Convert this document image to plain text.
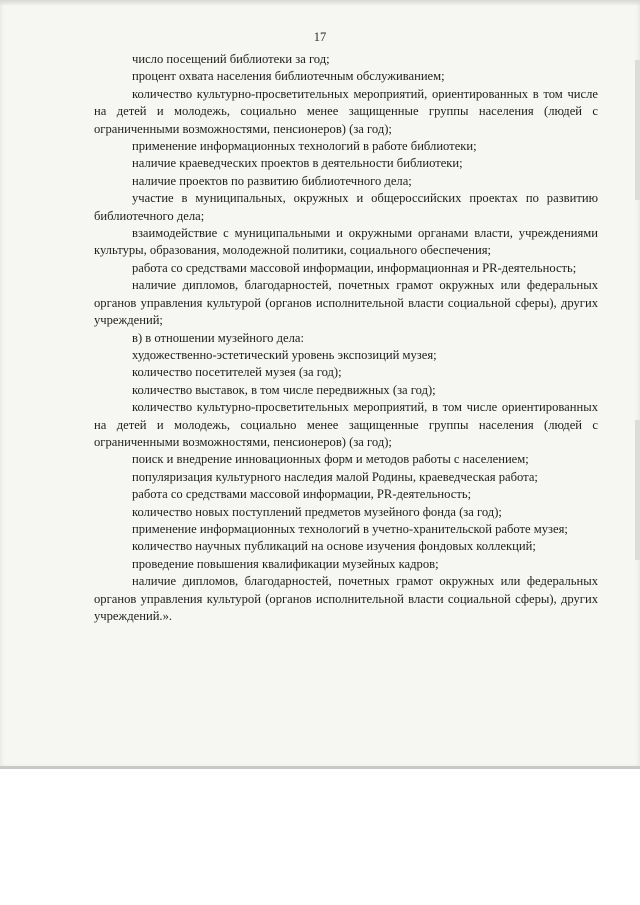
17

число посещений библиотеки за год;

процент охвата населения библиотечным обслуживанием;

количество культурно-просветительных мероприятий, ориентированных в том числе на детей и молодежь, социально менее защищенные группы населения (людей с ограниченными возможностями, пенсионеров) (за год);

применение информационных технологий в работе библиотеки;

наличие краеведческих проектов в деятельности библиотеки;

наличие проектов по развитию библиотечного дела;

участие в муниципальных, окружных и общероссийских проектах по развитию библиотечного дела;

взаимодействие с муниципальными и окружными органами власти, учреждениями культуры, образования, молодежной политики, социального обеспечения;

работа со средствами массовой информации, информационная и PR-деятельность;

наличие дипломов, благодарностей, почетных грамот окружных или федеральных органов управления культурой (органов исполнительной власти социальной сферы), других учреждений;

в) в отношении музейного дела:

художественно-эстетический уровень экспозиций музея;

количество посетителей музея (за год);

количество выставок, в том числе передвижных (за год);

количество культурно-просветительных мероприятий, в том числе ориентированных на детей и молодежь, социально менее защищенные группы населения (людей с ограниченными возможностями, пенсионеров) (за год);

поиск и внедрение инновационных форм и методов работы с населением;

популяризация культурного наследия малой Родины, краеведческая работа;

работа со средствами массовой информации, PR-деятельность;

количество новых поступлений предметов музейного фонда (за год);

применение информационных технологий в учетно-хранительской работе музея;

количество научных публикаций на основе изучения фондовых коллекций;

проведение повышения квалификации музейных кадров;

наличие дипломов, благодарностей, почетных грамот окружных или федеральных органов управления культурой (органов исполнительной власти социальной сферы), других учреждений.».
